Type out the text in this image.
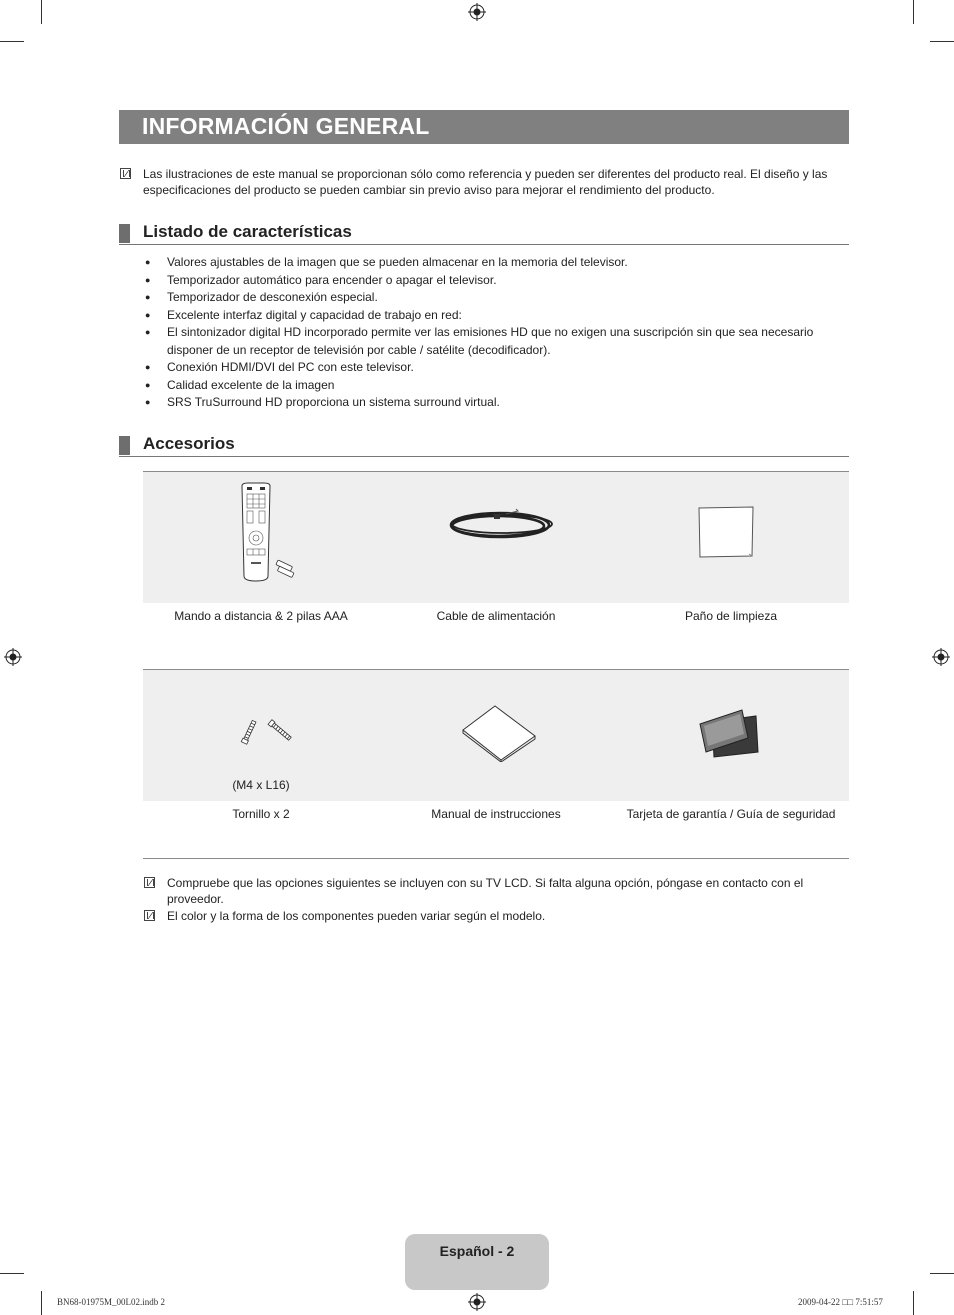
INFORMACIÓN GENERAL
Las ilustraciones de este manual se proporcionan sólo como referencia y pueden ser diferentes del producto real. El diseño y las especificaciones del producto se pueden cambiar sin previo aviso para mejorar el rendimiento del producto.
Listado de características
● Valores ajustables de la imagen que se pueden almacenar en la memoria del televisor.
● Temporizador automático para encender o apagar el televisor.
● Temporizador de desconexión especial.
● Excelente interfaz digital y capacidad de trabajo en red:
● El sintonizador digital HD incorporado permite ver las emisiones HD que no exigen una suscripción sin que sea necesario disponer de un receptor de televisión por cable / satélite (decodificador).
● Conexión HDMI/DVI del PC con este televisor.
● Calidad excelente de la imagen
● SRS TruSurround HD proporciona un sistema surround virtual.
Accesorios
Mando a distancia & 2 pilas AAA	Cable de alimentación	Paño de limpieza
(M4 x L16)
Tornillo x 2	Manual de instrucciones	Tarjeta de garantía / Guía de seguridad
Compruebe que las opciones siguientes se incluyen con su TV LCD. Si falta alguna opción, póngase en contacto con el proveedor.
El color y la forma de los componentes pueden variar según el modelo.
Español - 2
BN68-01975M_00L02.indb 2	2009-04-22 □□ 7:51:57
